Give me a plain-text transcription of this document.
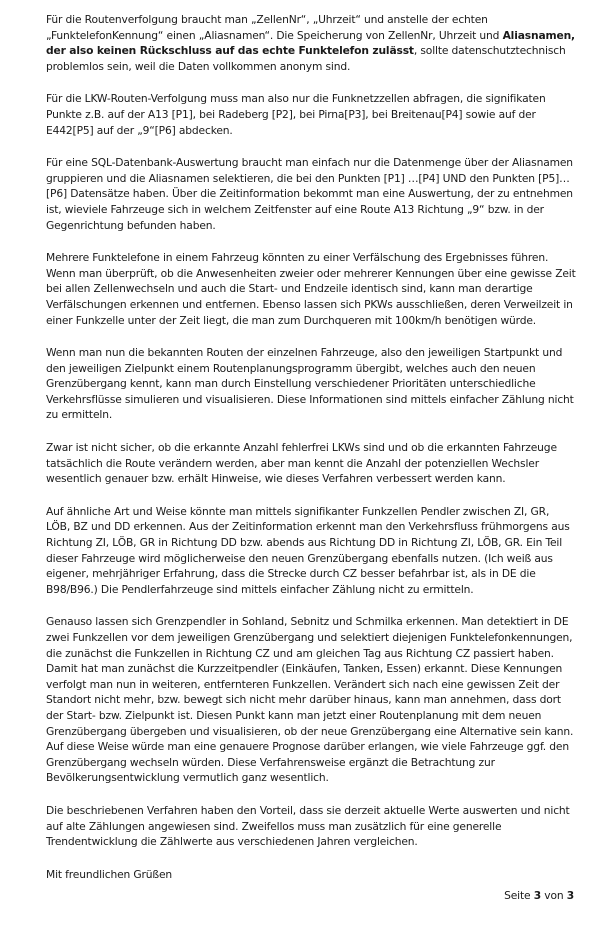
Für die Routenverfolgung braucht man „ZellenNr“, „Uhrzeit“ und anstelle der echten „FunktelefonKennung“ einen „Aliasnamen“. Die Speicherung von ZellenNr, Uhrzeit und Aliasnamen, der also keinen Rückschluss auf das echte Funktelefon zulässt, sollte datenschutztechnisch problemlos sein, weil die Daten vollkommen anonym sind.

Für die LKW-Routen-Verfolgung muss man also nur die Funknetzzellen abfragen, die signifikaten Punkte z.B. auf der A13 [P1], bei Radeberg [P2], bei Pirna[P3], bei Breitenau[P4] sowie auf der E442[P5] auf der „9“[P6] abdecken.

Für eine SQL-Datenbank-Auswertung braucht man einfach nur die Datenmenge über der Aliasnamen gruppieren und die Aliasnamen selektieren, die bei den Punkten [P1] …[P4] UND den Punkten [P5]…[P6] Datensätze haben. Über die Zeitinformation bekommt man eine Auswertung, der zu entnehmen ist, wieviele Fahrzeuge sich in welchem Zeitfenster auf eine Route A13 Richtung „9“ bzw. in der Gegenrichtung befunden haben.

Mehrere Funktelefone in einem Fahrzeug könnten zu einer Verfälschung des Ergebnisses führen. Wenn man überprüft, ob die Anwesenheiten zweier oder mehrerer Kennungen über eine gewisse Zeit bei allen Zellenwechseln und auch die Start- und Endzeile identisch sind, kann man derartige Verfälschungen erkennen und entfernen. Ebenso lassen sich PKWs ausschließen, deren Verweilzeit in einer Funkzelle unter der Zeit liegt, die man zum Durchqueren mit 100km/h benötigen würde.

Wenn man nun die bekannten Routen der einzelnen Fahrzeuge, also den jeweiligen Startpunkt und den jeweiligen Zielpunkt einem Routenplanungsprogramm übergibt, welches auch den neuen Grenzübergang kennt, kann man durch Einstellung verschiedener Prioritäten unterschiedliche Verkehrsflüsse simulieren und visualisieren. Diese Informationen sind mittels einfacher Zählung nicht zu ermitteln.

Zwar ist nicht sicher, ob die erkannte Anzahl fehlerfrei LKWs sind und ob die erkannten Fahrzeuge tatsächlich die Route verändern werden, aber man kennt die Anzahl der potenziellen Wechsler wesentlich genauer bzw. erhält Hinweise, wie dieses Verfahren verbessert werden kann.

Auf ähnliche Art und Weise könnte man mittels signifikanter Funkzellen Pendler zwischen ZI, GR, LÖB, BZ und DD erkennen. Aus der Zeitinformation erkennt man den Verkehrsfluss frühmorgens aus Richtung ZI, LÖB, GR in Richtung DD bzw. abends aus Richtung DD in Richtung ZI, LÖB, GR. Ein Teil dieser Fahrzeuge wird möglicherweise den neuen Grenzübergang ebenfalls nutzen. (Ich weiß aus eigener, mehrjähriger Erfahrung, dass die Strecke durch CZ besser befahrbar ist, als in DE die B98/B96.) Die Pendlerfahrzeuge sind mittels einfacher Zählung nicht zu ermitteln.

Genauso lassen sich Grenzpendler in Sohland, Sebnitz und Schmilka erkennen. Man detektiert in DE zwei Funkzellen vor dem jeweiligen Grenzübergang und selektiert diejenigen Funktelefonkennungen, die zunächst die Funkzellen in Richtung CZ und am gleichen Tag aus Richtung CZ passiert haben. Damit hat man zunächst die Kurzzeitpendler (Einkäufen, Tanken, Essen) erkannt. Diese Kennungen verfolgt man nun in weiteren, entfernteren Funkzellen. Verändert sich nach eine gewissen Zeit der Standort nicht mehr, bzw. bewegt sich nicht mehr darüber hinaus, kann man annehmen, dass dort der Start- bzw. Zielpunkt ist. Diesen Punkt kann man jetzt einer Routenplanung mit dem neuen Grenzübergang übergeben und visualisieren, ob der neue Grenzübergang eine Alternative sein kann. Auf diese Weise würde man eine genauere Prognose darüber erlangen, wie viele Fahrzeuge ggf. den Grenzübergang wechseln würden. Diese Verfahrensweise ergänzt die Betrachtung zur Bevölkerungsentwicklung vermutlich ganz wesentlich.

Die beschriebenen Verfahren haben den Vorteil, dass sie derzeit aktuelle Werte auswerten und nicht auf alte Zählungen angewiesen sind. Zweifellos muss man zusätzlich für eine generelle Trendentwicklung die Zählwerte aus verschiedenen Jahren vergleichen.

Mit freundlichen Grüßen

Seite 3 von 3
